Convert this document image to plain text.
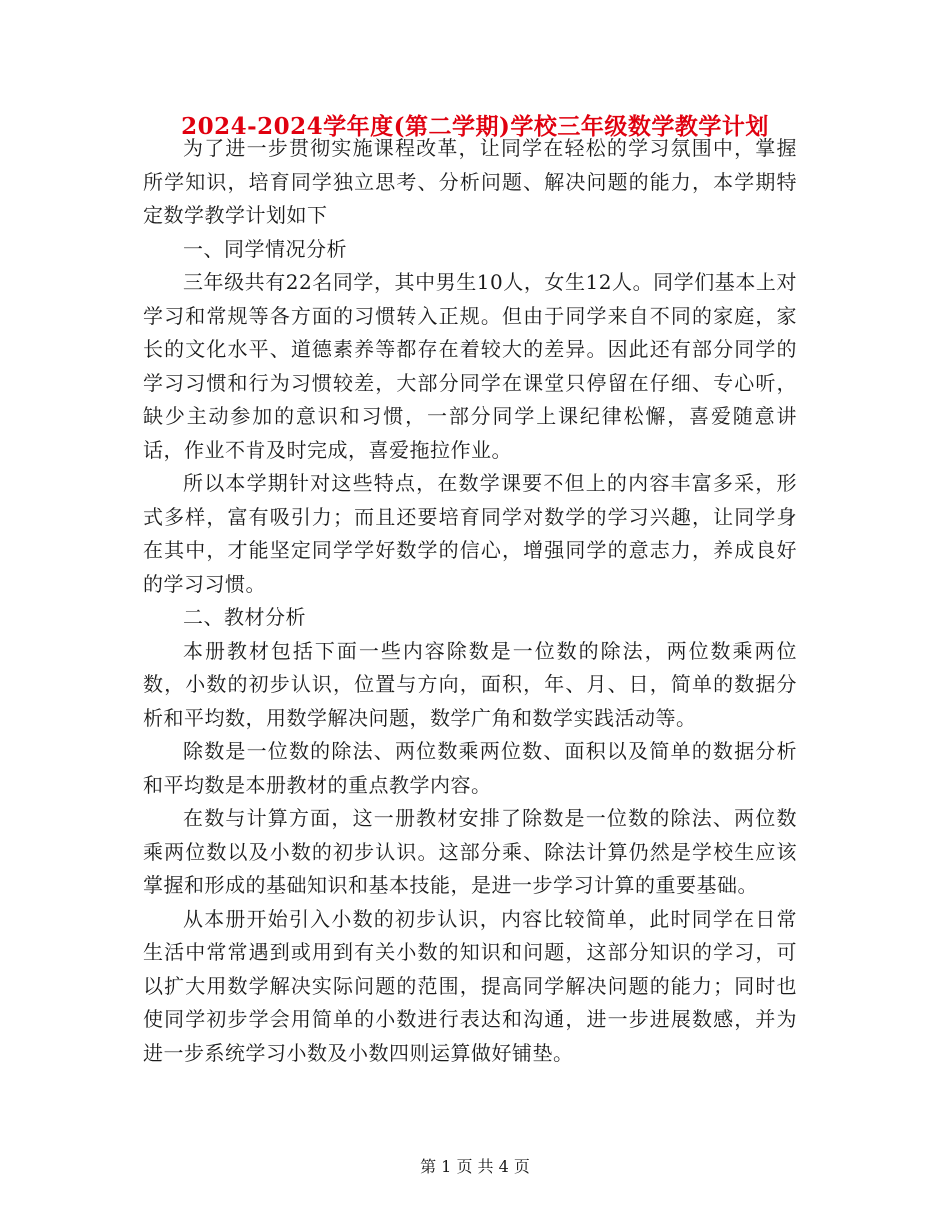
2024-2024学年度(第二学期)学校三年级数学教学计划

为了进一步贯彻实施课程改革，让同学在轻松的学习氛围中，掌握所学知识，培育同学独立思考、分析问题、解决问题的能力，本学期特定数学教学计划如下

一、同学情况分析

三年级共有22名同学，其中男生10人，女生12人。同学们基本上对学习和常规等各方面的习惯转入正规。但由于同学来自不同的家庭，家长的文化水平、道德素养等都存在着较大的差异。因此还有部分同学的学习习惯和行为习惯较差，大部分同学在课堂只停留在仔细、专心听，缺少主动参加的意识和习惯，一部分同学上课纪律松懈，喜爱随意讲话，作业不肯及时完成，喜爱拖拉作业。

所以本学期针对这些特点，在数学课要不但上的内容丰富多采，形式多样，富有吸引力；而且还要培育同学对数学的学习兴趣，让同学身在其中，才能坚定同学学好数学的信心，增强同学的意志力，养成良好的学习习惯。

二、教材分析

本册教材包括下面一些内容除数是一位数的除法，两位数乘两位数，小数的初步认识，位置与方向，面积，年、月、日，简单的数据分析和平均数，用数学解决问题，数学广角和数学实践活动等。

除数是一位数的除法、两位数乘两位数、面积以及简单的数据分析和平均数是本册教材的重点教学内容。

在数与计算方面，这一册教材安排了除数是一位数的除法、两位数乘两位数以及小数的初步认识。这部分乘、除法计算仍然是学校生应该掌握和形成的基础知识和基本技能，是进一步学习计算的重要基础。

从本册开始引入小数的初步认识，内容比较简单，此时同学在日常生活中常常遇到或用到有关小数的知识和问题，这部分知识的学习，可以扩大用数学解决实际问题的范围，提高同学解决问题的能力；同时也使同学初步学会用简单的小数进行表达和沟通，进一步进展数感，并为进一步系统学习小数及小数四则运算做好铺垫。

第 1 页 共 4 页
